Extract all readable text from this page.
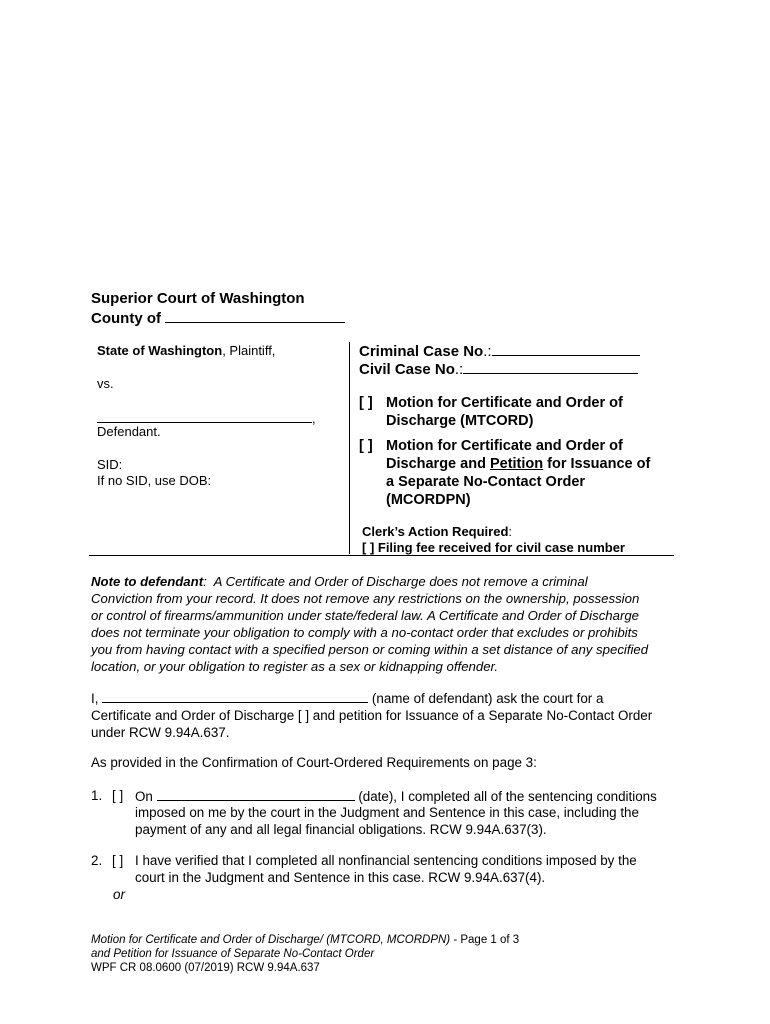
Superior Court of Washington
County of
State of Washington, Plaintiff,
vs.
,
Defendant.
SID:
If no SID, use DOB:
Criminal Case No.:
Civil Case No.:
[ ] Motion for Certificate and Order of
Discharge (MTCORD)
[ ] Motion for Certificate and Order of
Discharge and Petition for Issuance of
a Separate No-Contact Order
(MCORDPN)
Clerk’s Action Required:
[ ] Filing fee received for civil case number
Note to defendant:  A Certificate and Order of Discharge does not remove a criminal
Conviction from your record. It does not remove any restrictions on the ownership, possession
or control of firearms/ammunition under state/federal law. A Certificate and Order of Discharge
does not terminate your obligation to comply with a no-contact order that excludes or prohibits
you from having contact with a specified person or coming within a set distance of any specified
location, or your obligation to register as a sex or kidnapping offender.
I,	(name of defendant) ask the court for a
Certificate and Order of Discharge [ ] and petition for Issuance of a Separate No-Contact Order
under RCW 9.94A.637.
As provided in the Confirmation of Court-Ordered Requirements on page 3:
1. [ ] On	(date), I completed all of the sentencing conditions
imposed on me by the court in the Judgment and Sentence in this case, including the
payment of any and all legal financial obligations. RCW 9.94A.637(3).
2. [ ] I have verified that I completed all nonfinancial sentencing conditions imposed by the
court in the Judgment and Sentence in this case. RCW 9.94A.637(4).
or
Motion for Certificate and Order of Discharge/ (MTCORD, MCORDPN) - Page 1 of 3
and Petition for Issuance of Separate No-Contact Order
WPF CR 08.0600 (07/2019) RCW 9.94A.637
